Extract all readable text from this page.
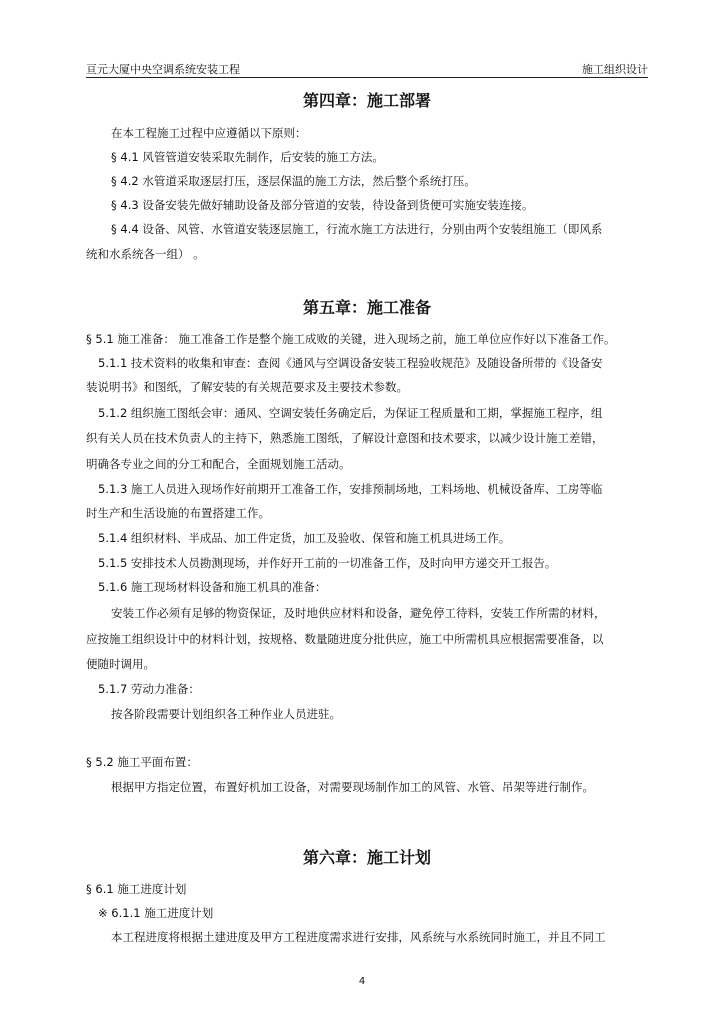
亘元大厦中央空调系统安装工程	施工组织设计
第四章：施工部署
在本工程施工过程中应遵循以下原则：
§ 4.1 风管管道安装采取先制作，后安装的施工方法。
§ 4.2 水管道采取逐层打压，逐层保温的施工方法，然后整个系统打压。
§ 4.3 设备安装先做好辅助设备及部分管道的安装，待设备到货便可实施安装连接。
§ 4.4 设备、风管、水管道安装逐层施工，行流水施工方法进行，分别由两个安装组施工（即风系
统和水系统各一组） 。
第五章：施工准备
§ 5.1 施工准备： 施工准备工作是整个施工成败的关键，进入现场之前，施工单位应作好以下准备工作。
5.1.1 技术资料的收集和审查：查阅《通风与空调设备安装工程验收规范》及随设备所带的《设备安
装说明书》和图纸，了解安装的有关规范要求及主要技术参数。
5.1.2 组织施工图纸会审：通风、空调安装任务确定后，为保证工程质量和工期，掌握施工程序，组
织有关人员在技术负责人的主持下，熟悉施工图纸，了解设计意图和技术要求，以减少设计施工差错，
明确各专业之间的分工和配合，全面规划施工活动。
5.1.3 施工人员进入现场作好前期开工准备工作，安排预制场地，工料场地、机械设备库、工房等临
时生产和生活设施的布置搭建工作。
5.1.4 组织材料、半成品、加工件定货，加工及验收、保管和施工机具进场工作。
5.1.5 安排技术人员勘测现场，并作好开工前的一切准备工作，及时向甲方递交开工报告。
5.1.6 施工现场材料设备和施工机具的准备：
安装工作必须有足够的物资保证，及时地供应材料和设备，避免停工待料，安装工作所需的材料，
应按施工组织设计中的材料计划，按规格、数量随进度分批供应，施工中所需机具应根据需要准备，以
便随时调用。
5.1.7 劳动力准备：
按各阶段需要计划组织各工种作业人员进驻。
§ 5.2 施工平面布置：
根据甲方指定位置，布置好机加工设备，对需要现场制作加工的风管、水管、吊架等进行制作。
第六章：施工计划
§ 6.1 施工进度计划
※ 6.1.1 施工进度计划
本工程进度将根据土建进度及甲方工程进度需求进行安排，风系统与水系统同时施工，并且不同工
4
